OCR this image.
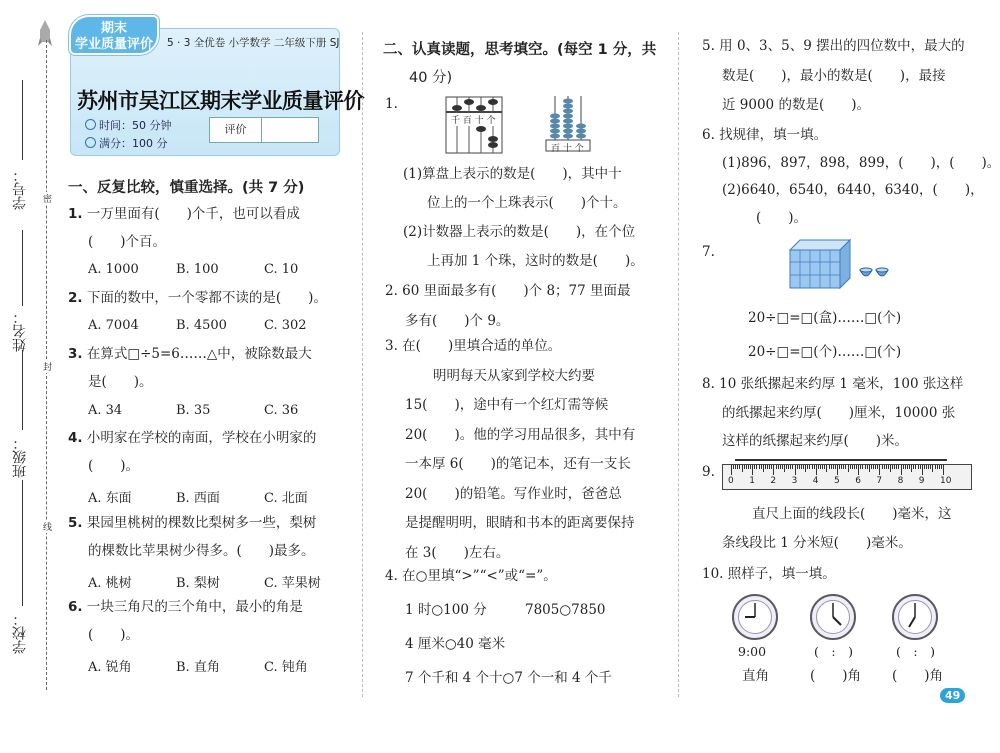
学号：
姓名：
班级：
学校：
密
封
线
期末
学业质量评价	5 · 3 全优卷 小学数学 二年级下册 SJ
苏州市吴江区期末学业质量评价
时间：50 分钟
满分：100 分
评价
一、反复比较，慎重选择。(共 7 分)
1. 一万里面有(　　)个千，也可以看成
(　　)个百。
A. 1000	B. 100	C. 10
2. 下面的数中，一个零都不读的是(　　)。
A. 7004	B. 4500	C. 302
3. 在算式□÷5=6……△中，被除数最大
是(　　)。
A. 34	B. 35	C. 36
4. 小明家在学校的南面，学校在小明家的
(　　)。
A. 东面	B. 西面	C. 北面
5. 果园里桃树的棵数比梨树多一些，梨树
的棵数比苹果树少得多。(　　)最多。
A. 桃树	B. 梨树	C. 苹果树
6. 一块三角尺的三个角中，最小的角是
(　　)。
A. 锐角	B. 直角	C. 钝角
二、认真读题，思考填空。(每空 1 分，共
40 分)
1.
千 百 十 个
百 十 个
(1)算盘上表示的数是(　　)，其中十
位上的一个上珠表示(　　)个十。
(2)计数器上表示的数是(　　)，在个位
上再加 1 个珠，这时的数是(　　)。
2. 60 里面最多有(　　)个 8；77 里面最
多有(　　)个 9。
3. 在(　　)里填合适的单位。
明明每天从家到学校大约要
15(　　)，途中有一个红灯需等候
20(　　)。他的学习用品很多，其中有
一本厚 6(　　)的笔记本，还有一支长
20(　　)的铅笔。写作业时，爸爸总
是提醒明明，眼睛和书本的距离要保持
在 3(　　)左右。
4. 在○里填“>”“<”或“=”。
1 时○100 分	7805○7850
4 厘米○40 毫米
7 个千和 4 个十○7 个一和 4 个千
5. 用 0、3、5、9 摆出的四位数中，最大的
数是(　　)，最小的数是(　　)，最接
近 9000 的数是(　　)。
6. 找规律，填一填。
(1)896，897，898，899，(　　)，(　　)。
(2)6640，6540，6440，6340，(　　)，
(　　)。
7.
20÷□=□(盒)……□(个)
20÷□=□(个)……□(个)
8. 10 张纸摞起来约厚 1 毫米，100 张这样
的纸摞起来约厚(　　)厘米，10000 张
这样的纸摞起来约厚(　　)米。
9.
0 1 2 3 4 5 6 7 8 9 10
直尺上面的线段长(　　)毫米，这
条线段比 1 分米短(　　)毫米。
10. 照样子，填一填。
9:00	(　:　)	(　:　)
直角	(　　)角 (　　)角
49
